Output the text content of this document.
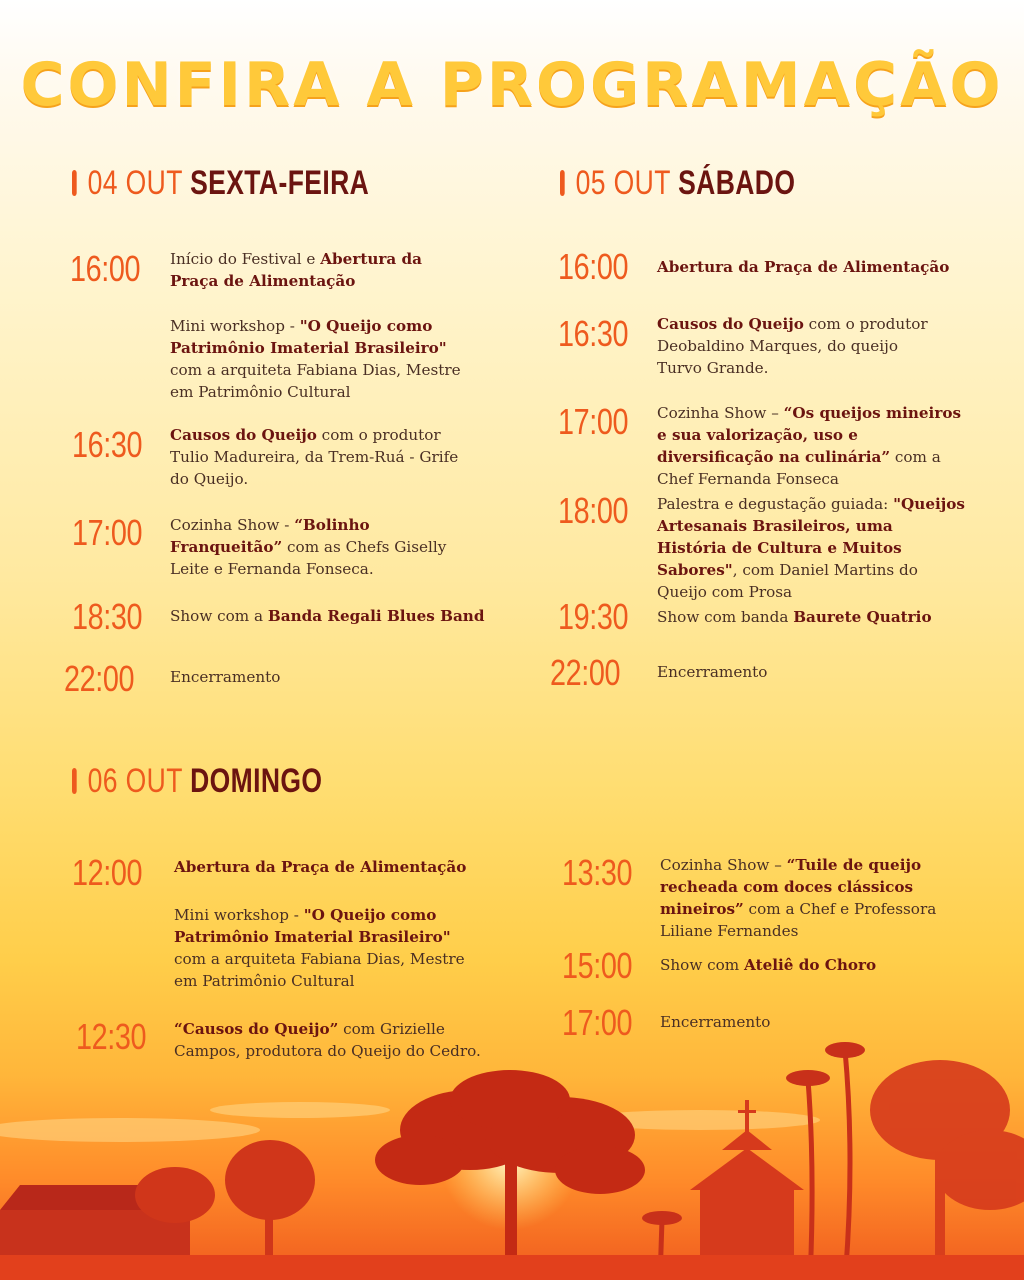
CONFIRA A PROGRAMAÇÃO
04 OUT SEXTA-FEIRA
16:00 Início do Festival e Abertura da Praça de Alimentação
Mini workshop - "O Queijo como Patrimônio Imaterial Brasileiro" com a arquiteta Fabiana Dias, Mestre em Patrimônio Cultural
16:30 Causos do Queijo com o produtor Tulio Madureira, da Trem-Ruá - Grife do Queijo.
17:00 Cozinha Show - “Bolinho Franqueitão” com as Chefs Giselly Leite e Fernanda Fonseca.
18:30 Show com a Banda Regali Blues Band
22:00 Encerramento
05 OUT SÁBADO
16:00 Abertura da Praça de Alimentação
16:30 Causos do Queijo com o produtor Deobaldino Marques, do queijo Turvo Grande.
17:00 Cozinha Show – “Os queijos mineiros e sua valorização, uso e diversificação na culinária” com a Chef Fernanda Fonseca
18:00 Palestra e degustação guiada: "Queijos Artesanais Brasileiros, uma História de Cultura e Muitos Sabores", com Daniel Martins do Queijo com Prosa
19:30 Show com banda Baurete Quatrio
22:00 Encerramento
06 OUT DOMINGO
12:00 Abertura da Praça de Alimentação
Mini workshop - "O Queijo como Patrimônio Imaterial Brasileiro" com a arquiteta Fabiana Dias, Mestre em Patrimônio Cultural
12:30 “Causos do Queijo” com Grizielle Campos, produtora do Queijo do Cedro.
13:30 Cozinha Show – “Tuile de queijo recheada com doces clássicos mineiros” com a Chef e Professora Liliane Fernandes
15:00 Show com Ateliê do Choro
17:00 Encerramento
